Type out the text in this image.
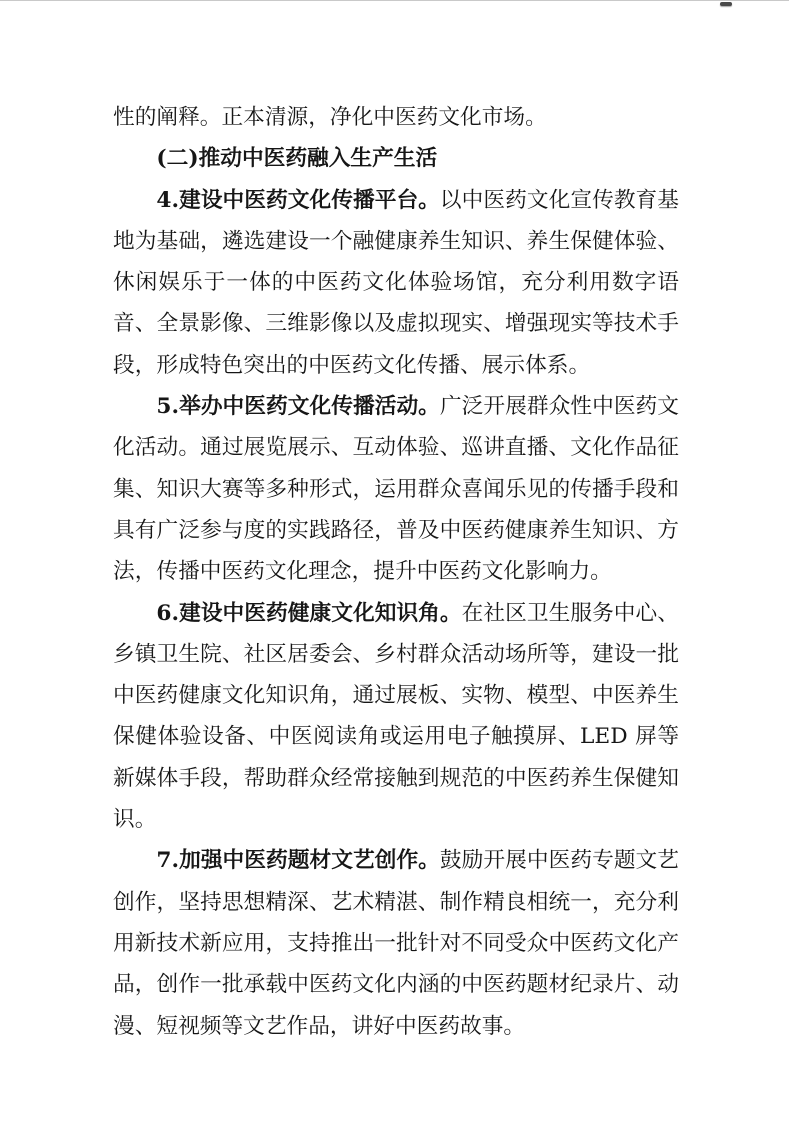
性的阐释。正本清源，净化中医药文化市场。

(二)推动中医药融入生产生活

4.建设中医药文化传播平台。以中医药文化宣传教育基地为基础，遴选建设一个融健康养生知识、养生保健体验、休闲娱乐于一体的中医药文化体验场馆，充分利用数字语音、全景影像、三维影像以及虚拟现实、增强现实等技术手段，形成特色突出的中医药文化传播、展示体系。

5.举办中医药文化传播活动。广泛开展群众性中医药文化活动。通过展览展示、互动体验、巡讲直播、文化作品征集、知识大赛等多种形式，运用群众喜闻乐见的传播手段和具有广泛参与度的实践路径，普及中医药健康养生知识、方法，传播中医药文化理念，提升中医药文化影响力。

6.建设中医药健康文化知识角。在社区卫生服务中心、乡镇卫生院、社区居委会、乡村群众活动场所等，建设一批中医药健康文化知识角，通过展板、实物、模型、中医养生保健体验设备、中医阅读角或运用电子触摸屏、LED 屏等新媒体手段，帮助群众经常接触到规范的中医药养生保健知识。

7.加强中医药题材文艺创作。鼓励开展中医药专题文艺创作，坚持思想精深、艺术精湛、制作精良相统一，充分利用新技术新应用，支持推出一批针对不同受众中医药文化产品，创作一批承载中医药文化内涵的中医药题材纪录片、动漫、短视频等文艺作品，讲好中医药故事。
